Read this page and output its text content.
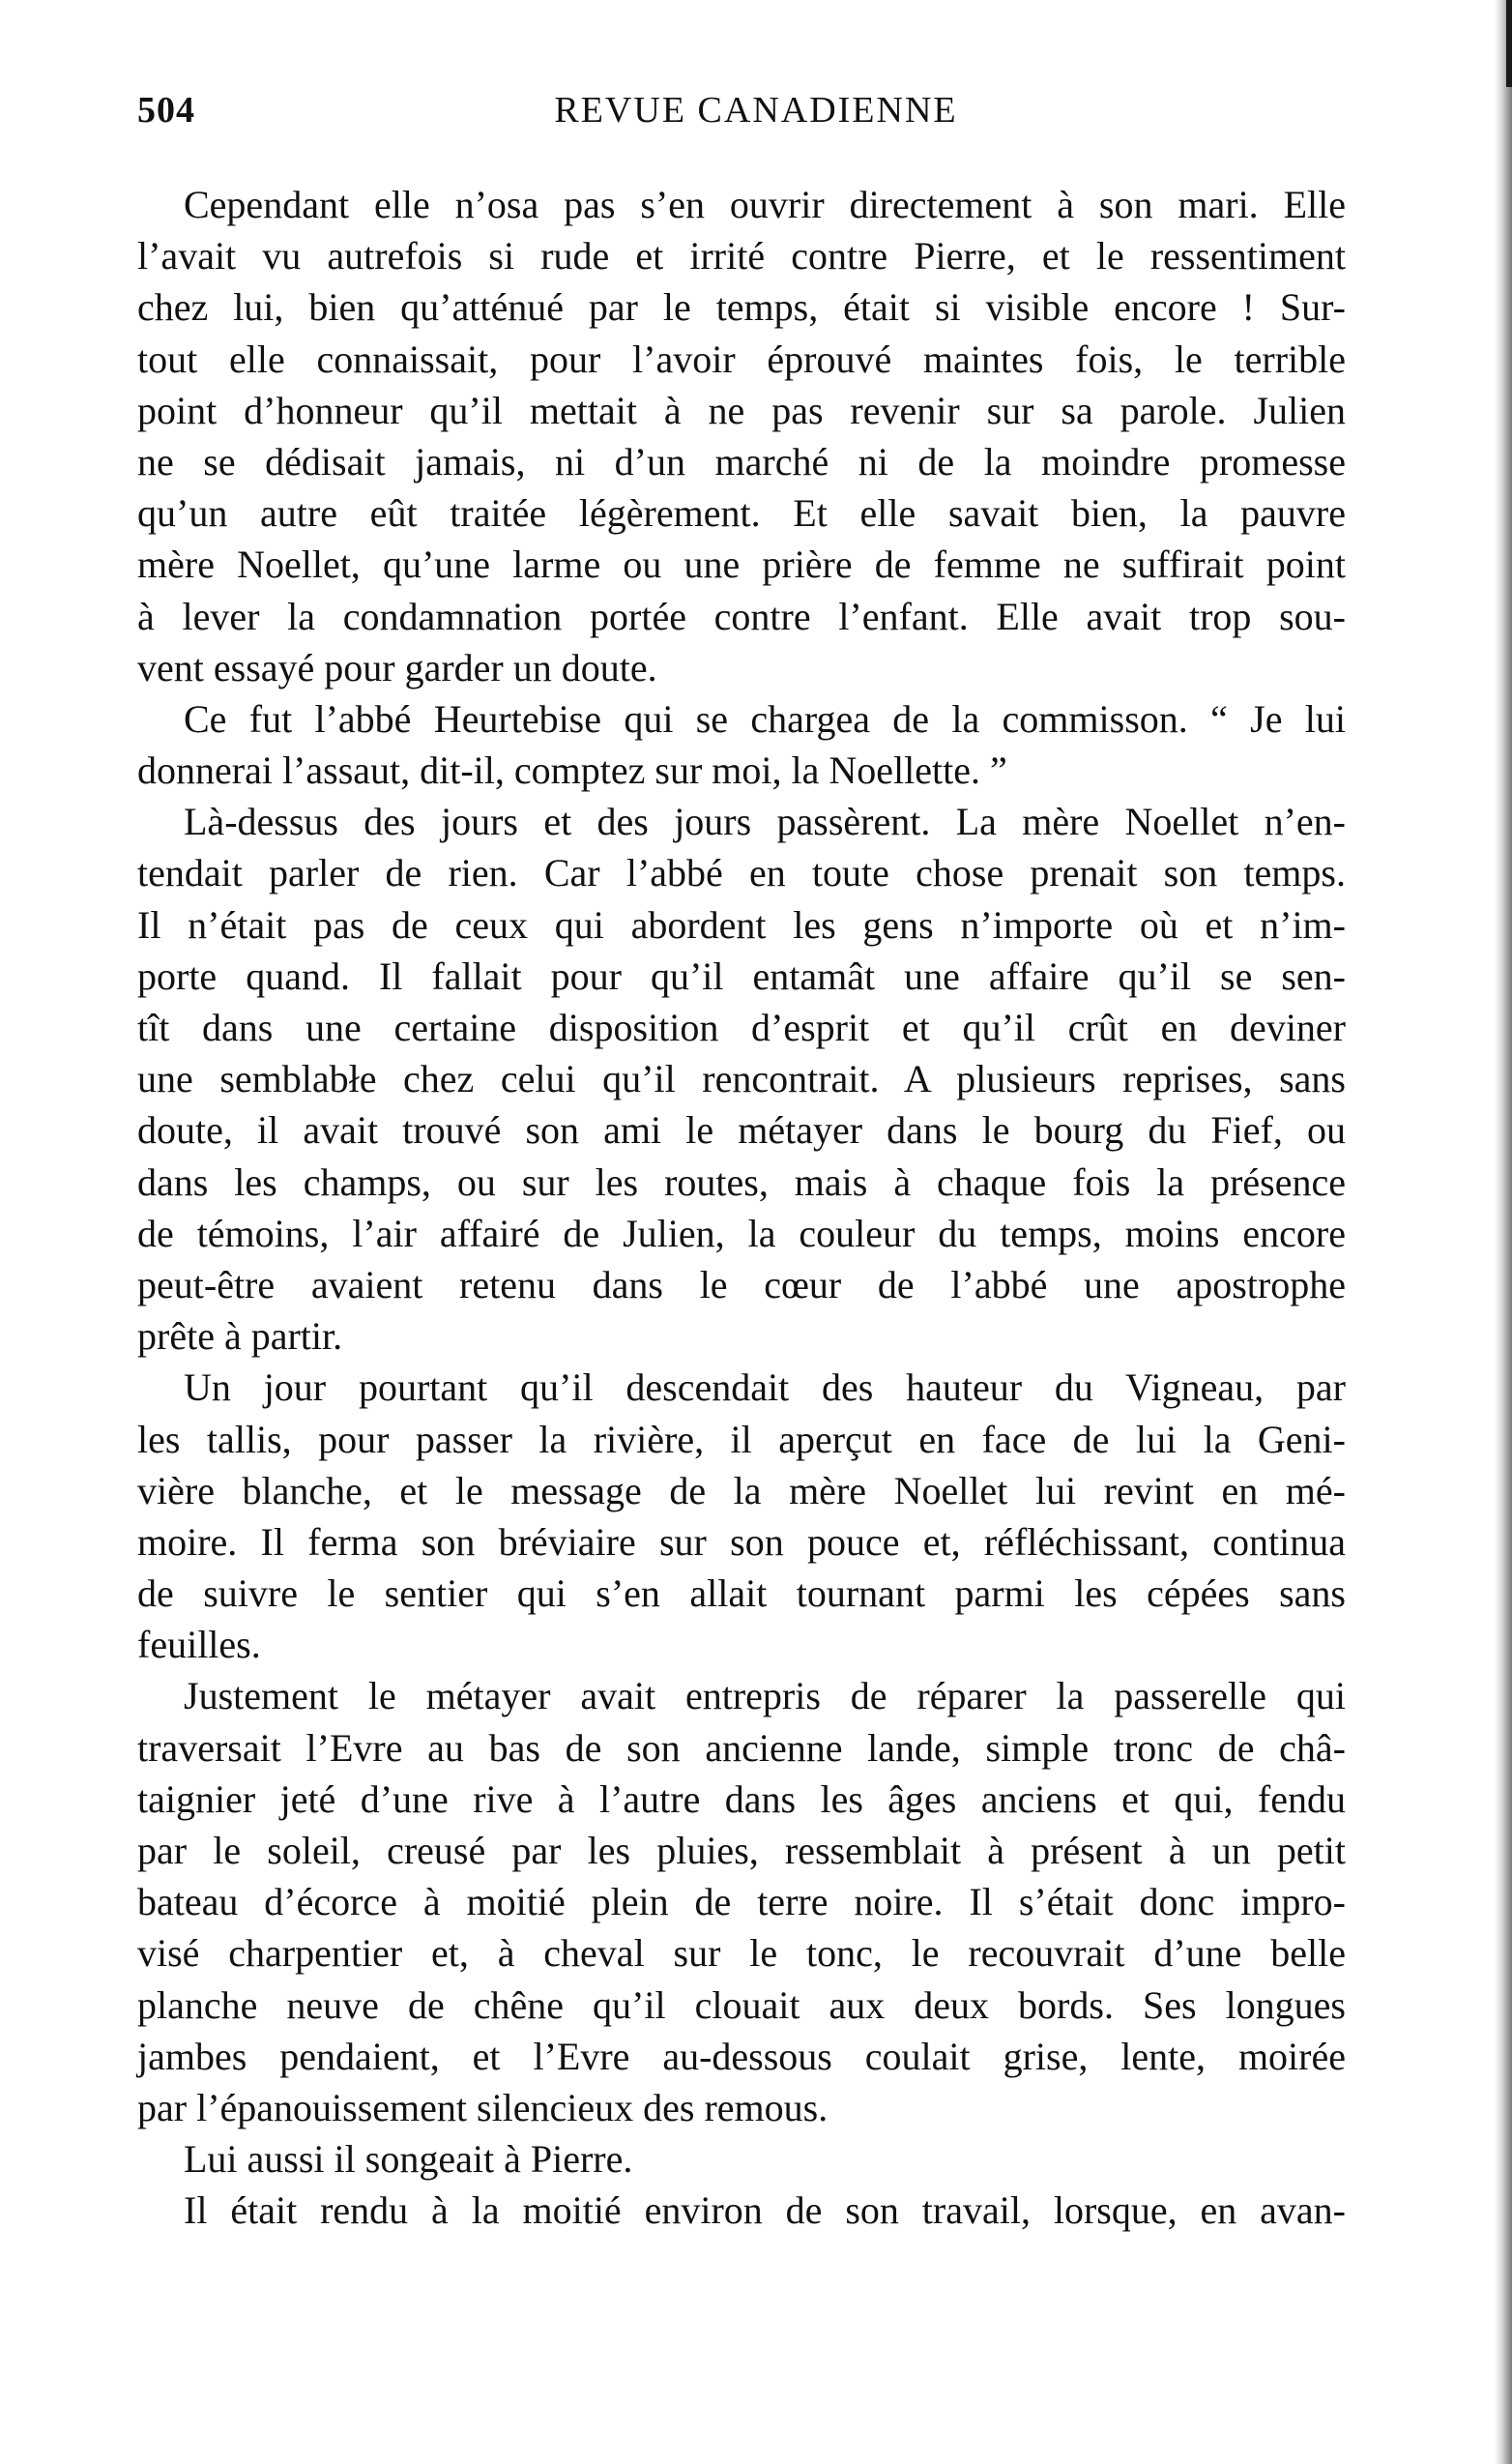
504	REVUE CANADIENNE
Cependant elle n’osa pas s’en ouvrir directement à son mari. Elle
l’avait vu autrefois si rude et irrité contre Pierre, et le ressentiment
chez lui, bien qu’atténué par le temps, était si visible encore ! Sur-
tout elle connaissait, pour l’avoir éprouvé maintes fois, le terrible
point d’honneur qu’il mettait à ne pas revenir sur sa parole. Julien
ne se dédisait jamais, ni d’un marché ni de la moindre promesse
qu’un autre eût traitée légèrement. Et elle savait bien, la pauvre
mère Noellet, qu’une larme ou une prière de femme ne suffirait point
à lever la condamnation portée contre l’enfant. Elle avait trop sou-
vent essayé pour garder un doute.
Ce fut l’abbé Heurtebise qui se chargea de la commisson. “ Je lui
donnerai l’assaut, dit-il, comptez sur moi, la Noellette. ”
Là-dessus des jours et des jours passèrent. La mère Noellet n’en-
tendait parler de rien. Car l’abbé en toute chose prenait son temps.
Il n’était pas de ceux qui abordent les gens n’importe où et n’im-
porte quand. Il fallait pour qu’il entamât une affaire qu’il se sen-
tît dans une certaine disposition d’esprit et qu’il crût en deviner
une semblabłe chez celui qu’il rencontrait. A plusieurs reprises, sans
doute, il avait trouvé son ami le métayer dans le bourg du Fief, ou
dans les champs, ou sur les routes, mais à chaque fois la présence
de témoins, l’air affairé de Julien, la couleur du temps, moins encore
peut-être avaient retenu dans le cœur de l’abbé une apostrophe
prête à partir.
Un jour pourtant qu’il descendait des hauteur du Vigneau, par
les tallis, pour passer la rivière, il aperçut en face de lui la Geni-
vière blanche, et le message de la mère Noellet lui revint en mé-
moire. Il ferma son bréviaire sur son pouce et, réfléchissant, continua
de suivre le sentier qui s’en allait tournant parmi les cépées sans
feuilles.
Justement le métayer avait entrepris de réparer la passerelle qui
traversait l’Evre au bas de son ancienne lande, simple tronc de châ-
taignier jeté d’une rive à l’autre dans les âges anciens et qui, fendu
par le soleil, creusé par les pluies, ressemblait à présent à un petit
bateau d’écorce à moitié plein de terre noire. Il s’était donc impro-
visé charpentier et, à cheval sur le tonc, le recouvrait d’une belle
planche neuve de chêne qu’il clouait aux deux bords. Ses longues
jambes pendaient, et l’Evre au-dessous coulait grise, lente, moirée
par l’épanouissement silencieux des remous.
Lui aussi il songeait à Pierre.
Il était rendu à la moitié environ de son travail, lorsque, en avan-
